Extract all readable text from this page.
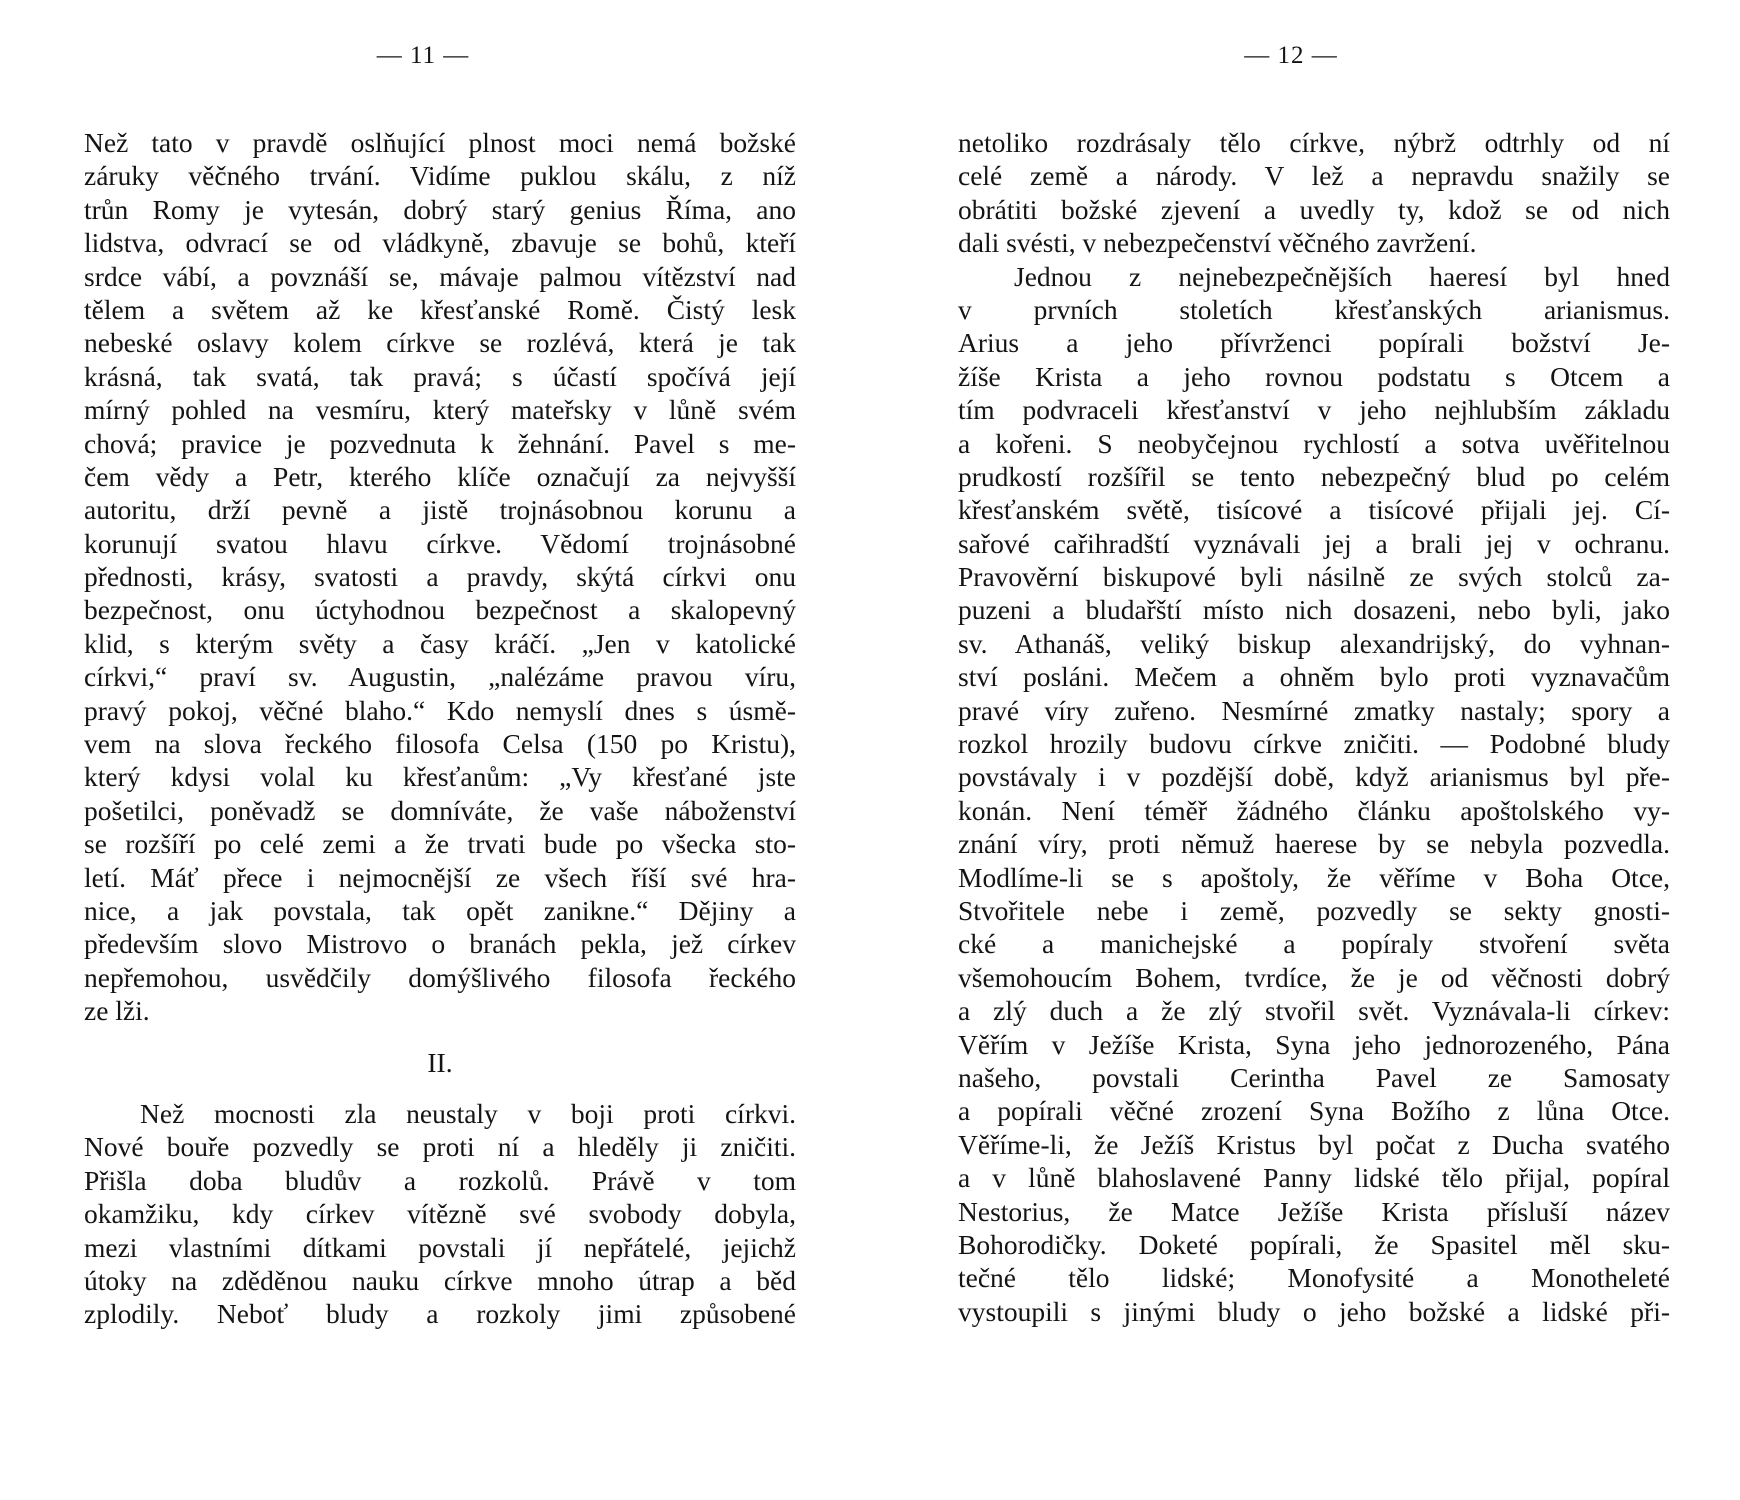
— 11 —
Než tato v pravdě oslňující plnost moci nemá božské
záruky věčného trvání. Vidíme puklou skálu, z níž
trůn Romy je vytesán, dobrý starý genius Říma, ano
lidstva, odvrací se od vládkyně, zbavuje se bohů, kteří
srdce vábí, a povznáší se, mávaje palmou vítězství nad
tělem a světem až ke křesťanské Romě. Čistý lesk
nebeské oslavy kolem církve se rozlévá, která je tak
krásná, tak svatá, tak pravá; s účastí spočívá její
mírný pohled na vesmíru, který mateřsky v lůně svém
chová; pravice je pozvednuta k žehnání. Pavel s me-
čem vědy a Petr, kterého klíče označují za nejvyšší
autoritu, drží pevně a jistě trojnásobnou korunu a
korunují svatou hlavu církve. Vědomí trojnásobné
přednosti, krásy, svatosti a pravdy, skýtá církvi onu
bezpečnost, onu úctyhodnou bezpečnost a skalopevný
klid, s kterým světy a časy kráčí. „Jen v katolické
církvi,“ praví sv. Augustin, „nalézáme pravou víru,
pravý pokoj, věčné blaho.“ Kdo nemyslí dnes s úsmě-
vem na slova řeckého filosofa Celsa (150 po Kristu),
který kdysi volal ku křesťanům: „Vy křesťané jste
pošetilci, poněvadž se domníváte, že vaše náboženství
se rozšíří po celé zemi a že trvati bude po všecka sto-
letí. Máť přece i nejmocnější ze všech říší své hra-
nice, a jak povstala, tak opět zanikne.“ Dějiny a
především slovo Mistrovo o branách pekla, jež církev
nepřemohou, usvědčily domýšlivého filosofa řeckého
ze lži.
II.
Než mocnosti zla neustaly v boji proti církvi.
Nové bouře pozvedly se proti ní a hleděly ji zničiti.
Přišla doba bludův a rozkolů. Právě v tom
okamžiku, kdy církev vítězně své svobody dobyla,
mezi vlastními dítkami povstali jí nepřátelé, jejichž
útoky na zděděnou nauku církve mnoho útrap a běd
zplodily. Neboť bludy a rozkoly jimi způsobené
— 12 —
netoliko rozdrásaly tělo církve, nýbrž odtrhly od ní
celé země a národy. V lež a nepravdu snažily se
obrátiti božské zjevení a uvedly ty, kdož se od nich
dali svésti, v nebezpečenství věčného zavržení.
Jednou z nejnebezpečnějších haeresí byl hned
v prvních stoletích křesťanských arianismus.
Arius a jeho přívrženci popírali božství Je-
žíše Krista a jeho rovnou podstatu s Otcem a
tím podvraceli křesťanství v jeho nejhlubším základu
a kořeni. S neobyčejnou rychlostí a sotva uvěřitelnou
prudkostí rozšířil se tento nebezpečný blud po celém
křesťanském světě, tisícové a tisícové přijali jej. Cí-
sařové cařihradští vyznávali jej a brali jej v ochranu.
Pravověrní biskupové byli násilně ze svých stolců za-
puzeni a bludařští místo nich dosazeni, nebo byli, jako
sv. Athanáš, veliký biskup alexandrijský, do vyhnan-
ství posláni. Mečem a ohněm bylo proti vyznavačům
pravé víry zuřeno. Nesmírné zmatky nastaly; spory a
rozkol hrozily budovu církve zničiti. — Podobné bludy
povstávaly i v pozdější době, když arianismus byl pře-
konán. Není téměř žádného článku apoštolského vy-
znání víry, proti němuž haerese by se nebyla pozvedla.
Modlíme-li se s apoštoly, že věříme v Boha Otce,
Stvořitele nebe i země, pozvedly se sekty gnosti-
cké a manichejské a popíraly stvoření světa
všemohoucím Bohem, tvrdíce, že je od věčnosti dobrý
a zlý duch a že zlý stvořil svět. Vyznávala-li církev:
Věřím v Ježíše Krista, Syna jeho jednorozeného, Pána
našeho, povstali Cerintha Pavel ze Samosaty
a popírali věčné zrození Syna Božího z lůna Otce.
Věříme-li, že Ježíš Kristus byl počat z Ducha svatého
a v lůně blahoslavené Panny lidské tělo přijal, popíral
Nestorius, že Matce Ježíše Krista přísluší název
Bohorodičky. Doketé popírali, že Spasitel měl sku-
tečné tělo lidské; Monofysité a Monotheleté
vystoupili s jinými bludy o jeho božské a lidské při-
